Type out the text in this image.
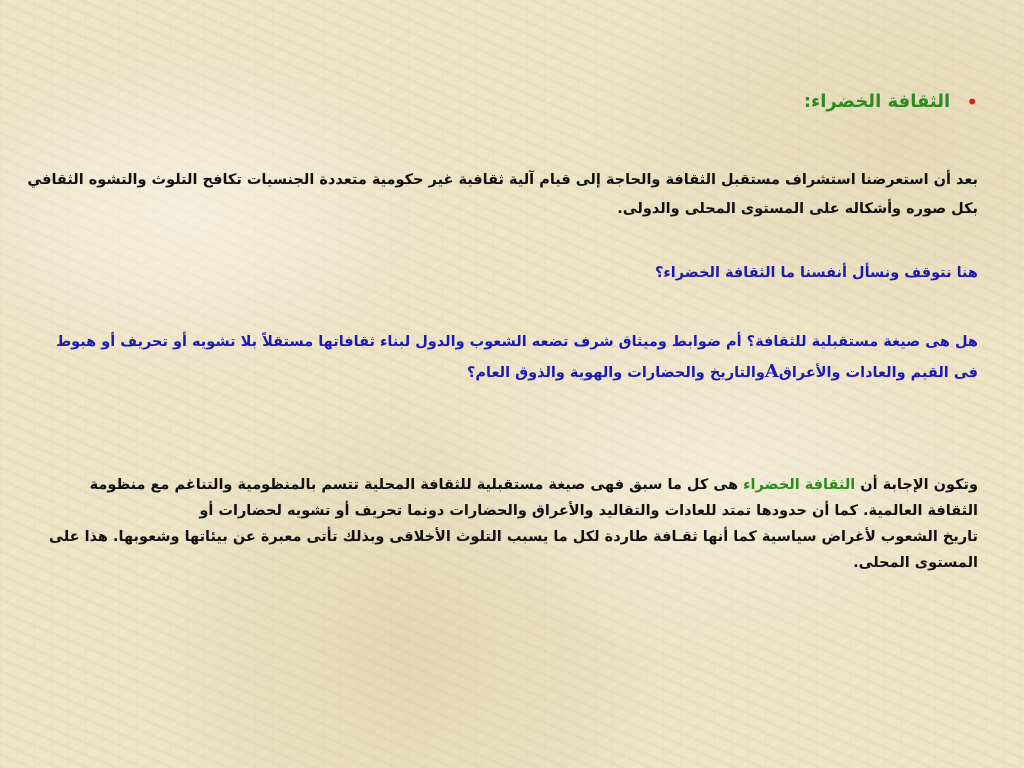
•
الثقافة الخضراء:
بعد أن استعرضنا استشراف مستقبل الثقافة والحاجة إلى قيام آلية ثقافية غير حكومية متعددة الجنسيات تكافح التلوث والتشوه الثقافي
بكل صوره وأشكاله على المستوى المحلى والدولى.
هنا نتوقف ونسأل أنفسنا ما الثقافة الخضراء؟
هل هى صيغة مستقبلية للثقافة؟ أم ضوابط وميثاق شرف تضعه الشعوب والدول لبناء ثقافاتها مستقلاً بلا تشويه أو تحريف أو هبوط
فى القيم والعادات والأعراقAوالتاريخ والحضارات والهوية والذوق العام؟
وتكون الإجابة أن الثقافة الخضراء هى كل ما سبق فهى صيغة مستقبلية للثقافة المحلية تتسم بالمنظومية والتناغم مع منظومة
الثقافة العالمية. كما أن حدودها تمتد للعادات والتقاليد والأعراق والحضارات دونما تحريف أو تشويه لحضارات أو
تاريخ الشعوب لأغراض سياسية كما أنها ثقـافة طاردة لكل ما يسبب التلوث الأخلاقى وبذلك تأتى معبرة عن بيئاتها وشعوبها. هذا على
المستوى المحلى.
